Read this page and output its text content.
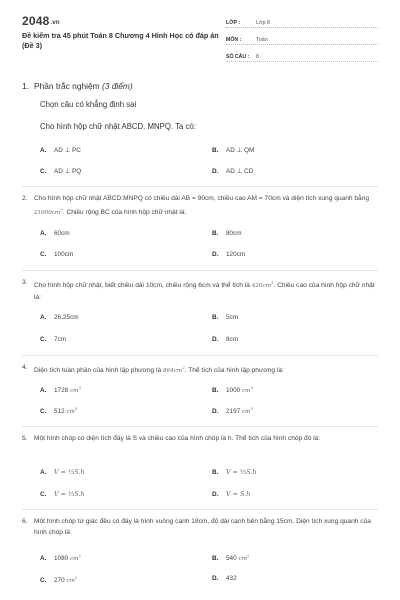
2048.vn
Đề kiểm tra 45 phút Toán 8 Chương 4 Hình Học có đáp án (Đề 3)
LỚP :	Lớp 8
MÔN :	Toán
SỐ CÂU :	8
1. Phần trắc nghiệm (3 điểm)
Chọn câu có khẳng định sai
Cho hình hộp chữ nhật ABCD. MNPQ. Ta có:
A. AD ⊥ PC	B. AD ⊥ QM
C. AD ⊥ PQ	D. AD ⊥ CD
2. Cho hình hộp chữ nhật ABCD.MNPQ có chiều dài AB = 90cm, chiều cao AM = 70cm và diện tích xung quanh bằng $21000cm^2$. Chiều rộng BC của hình hộp chữ nhật là:
A. 60cm	B. 80cm
C. 100cm	D. 120cm
3. Cho hình hộp chữ nhật, biết chiều dài 10cm, chiều rộng 6cm và thể tích là $420cm^3$. Chiều cao của hình hộp chữ nhật là:
A. 26,25cm	B. 5cm
C. 7cm	D. 8cm
4. Diện tích toàn phần của hình lập phương là $864cm^2$. Thể tích của hình lập phương là:
A. 1728 $cm^3$	B. 1000 $cm^3$
C. 512 $cm^3$	D. 2197 $cm^3$
5. Một hình chóp có diện tích đáy là S và chiều cao của hình chóp là h. Thể tích của hình chóp đó là:
A. V = ⅓S.h	B. V = ⅓S.h
C. V = ⅓S.h	D. V = S.h
6. Một hình chóp tứ giác đều có đáy là hình vuông cạnh 18cm, độ dài cạnh bên bằng 15cm. Diện tích xung quanh của hình chóp là:
A. 1080 $cm^2$	B. 540 $cm^2$
C. 270 $cm^2$	D. 432
